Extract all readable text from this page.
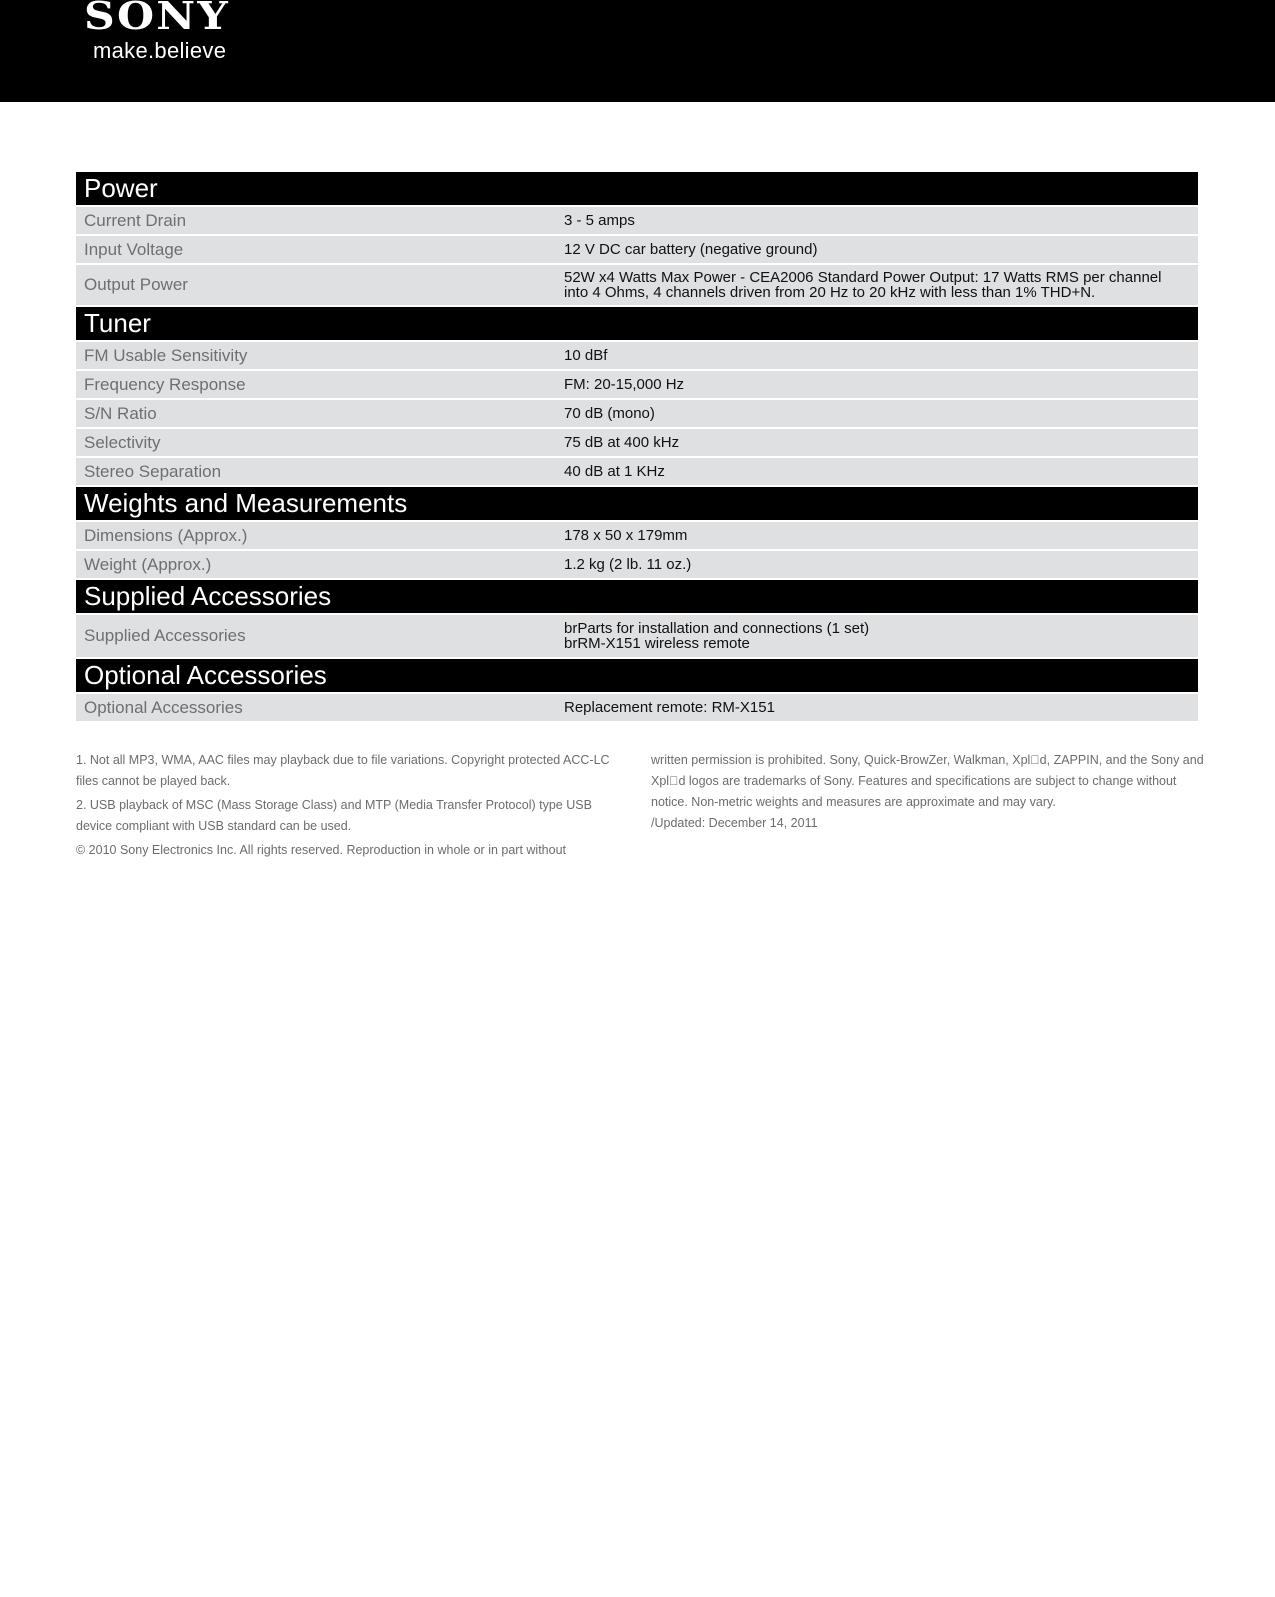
SONY
make.believe
Power
Current Drain	3 - 5 amps
Input Voltage	12 V DC car battery (negative ground)
Output Power	52W x4 Watts Max Power - CEA2006 Standard Power Output: 17 Watts RMS per channel
into 4 Ohms, 4 channels driven from 20 Hz to 20 kHz with less than 1% THD+N.
Tuner
FM Usable Sensitivity	10 dBf
Frequency Response	FM: 20-15,000 Hz
S/N Ratio	70 dB (mono)
Selectivity	75 dB at 400 kHz
Stereo Separation	40 dB at 1 KHz
Weights and Measurements
Dimensions (Approx.)	178 x 50 x 179mm
Weight (Approx.)	1.2 kg (2 lb. 11 oz.)
Supplied Accessories
Supplied Accessories	brParts for installation and connections (1 set)
brRM-X151 wireless remote
Optional Accessories
Optional Accessories	Replacement remote: RM-X151

1. Not all MP3, WMA, AAC files may playback due to file variations. Copyright protected ACC-LC files cannot be played back.

2. USB playback of MSC (Mass Storage Class) and MTP (Media Transfer Protocol) type USB device compliant with USB standard can be used.

© 2010 Sony Electronics Inc. All rights reserved. Reproduction in whole or in part without

written permission is prohibited. Sony, Quick-BrowZer, Walkman, Xpl d, ZAPPIN, and the Sony and Xpl d logos are trademarks of Sony. Features and specifications are subject to change without notice. Non-metric weights and measures are approximate and may vary.

/Updated: December 14, 2011
